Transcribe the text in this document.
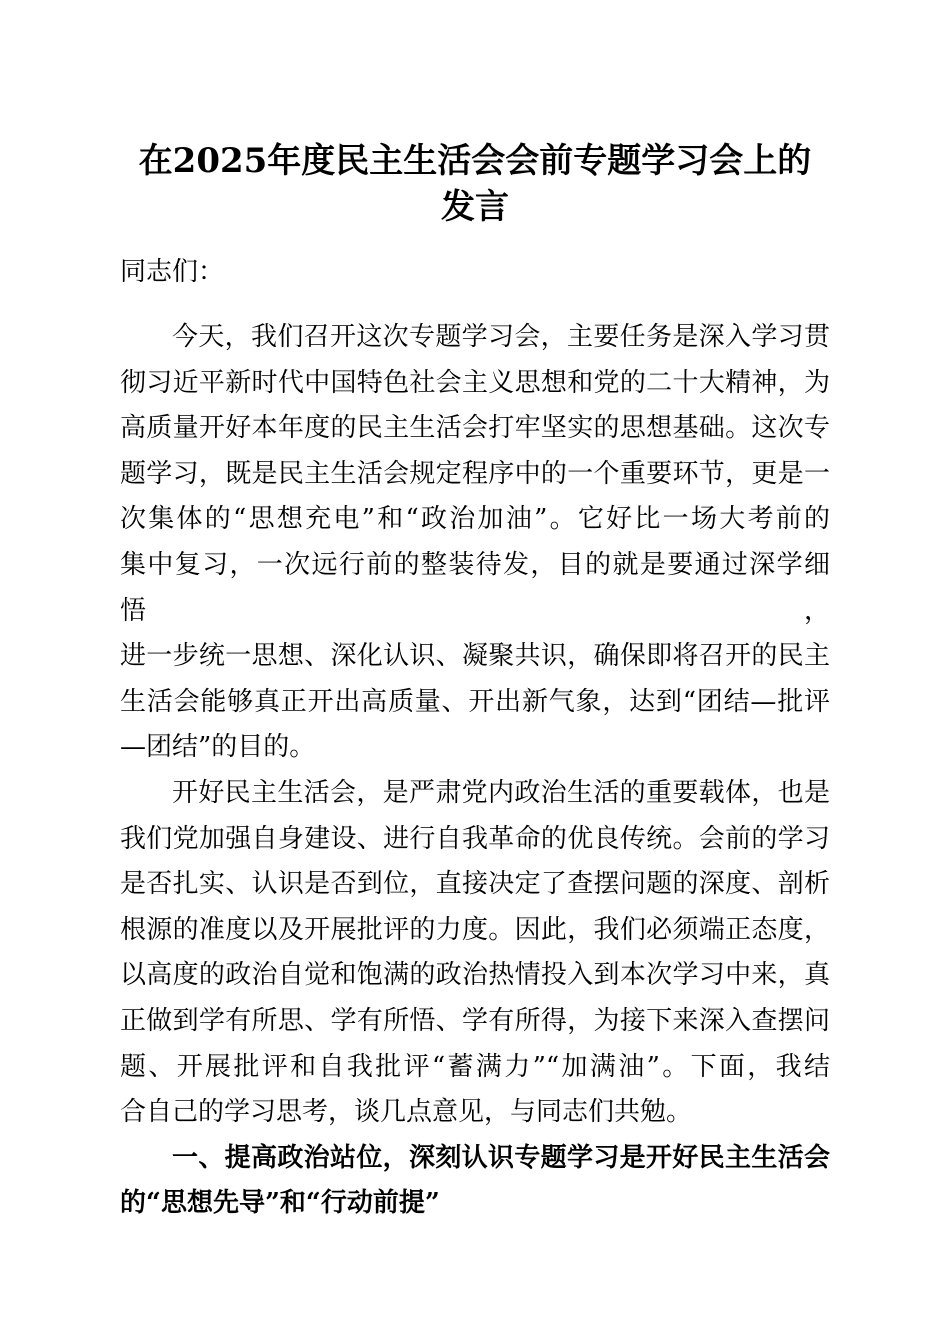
在2025年度民主生活会会前专题学习会上的
发言
同志们：
今天，我们召开这次专题学习会，主要任务是深入学习贯
彻习近平新时代中国特色社会主义思想和党的二十大精神，为
高质量开好本年度的民主生活会打牢坚实的思想基础。这次专
题学习，既是民主生活会规定程序中的一个重要环节，更是一
次集体的“思想充电”和“政治加油”。它好比一场大考前的
集中复习，一次远行前的整装待发，目的就是要通过深学细悟，
进一步统一思想、深化认识、凝聚共识，确保即将召开的民主
生活会能够真正开出高质量、开出新气象，达到“团结—批评
—团结”的目的。
开好民主生活会，是严肃党内政治生活的重要载体，也是
我们党加强自身建设、进行自我革命的优良传统。会前的学习
是否扎实、认识是否到位，直接决定了查摆问题的深度、剖析
根源的准度以及开展批评的力度。因此，我们必须端正态度，
以高度的政治自觉和饱满的政治热情投入到本次学习中来，真
正做到学有所思、学有所悟、学有所得，为接下来深入查摆问
题、开展批评和自我批评“蓄满力”“加满油”。下面，我结
合自己的学习思考，谈几点意见，与同志们共勉。
一、提高政治站位，深刻认识专题学习是开好民主生活会
的“思想先导”和“行动前提”
